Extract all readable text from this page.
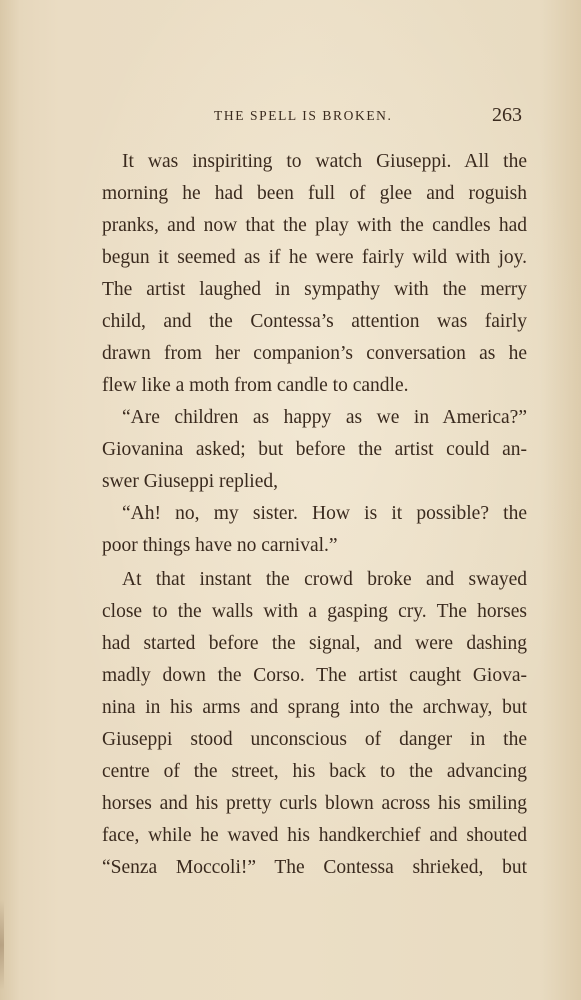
THE SPELL IS BROKEN.	263
It was inspiriting to watch Giuseppi. All the
morning he had been full of glee and roguish
pranks, and now that the play with the candles had
begun it seemed as if he were fairly wild with joy.
The artist laughed in sympathy with the merry
child, and the Contessa’s attention was fairly
drawn from her companion’s conversation as he
flew like a moth from candle to candle.
“Are children as happy as we in America?”
Giovanina asked; but before the artist could an-
swer Giuseppi replied,
“Ah! no, my sister. How is it possible? the
poor things have no carnival.”
At that instant the crowd broke and swayed
close to the walls with a gasping cry. The horses
had started before the signal, and were dashing
madly down the Corso. The artist caught Giova-
nina in his arms and sprang into the archway, but
Giuseppi stood unconscious of danger in the
centre of the street, his back to the advancing
horses and his pretty curls blown across his smiling
face, while he waved his handkerchief and shouted
“Senza Moccoli!” The Contessa shrieked, but
